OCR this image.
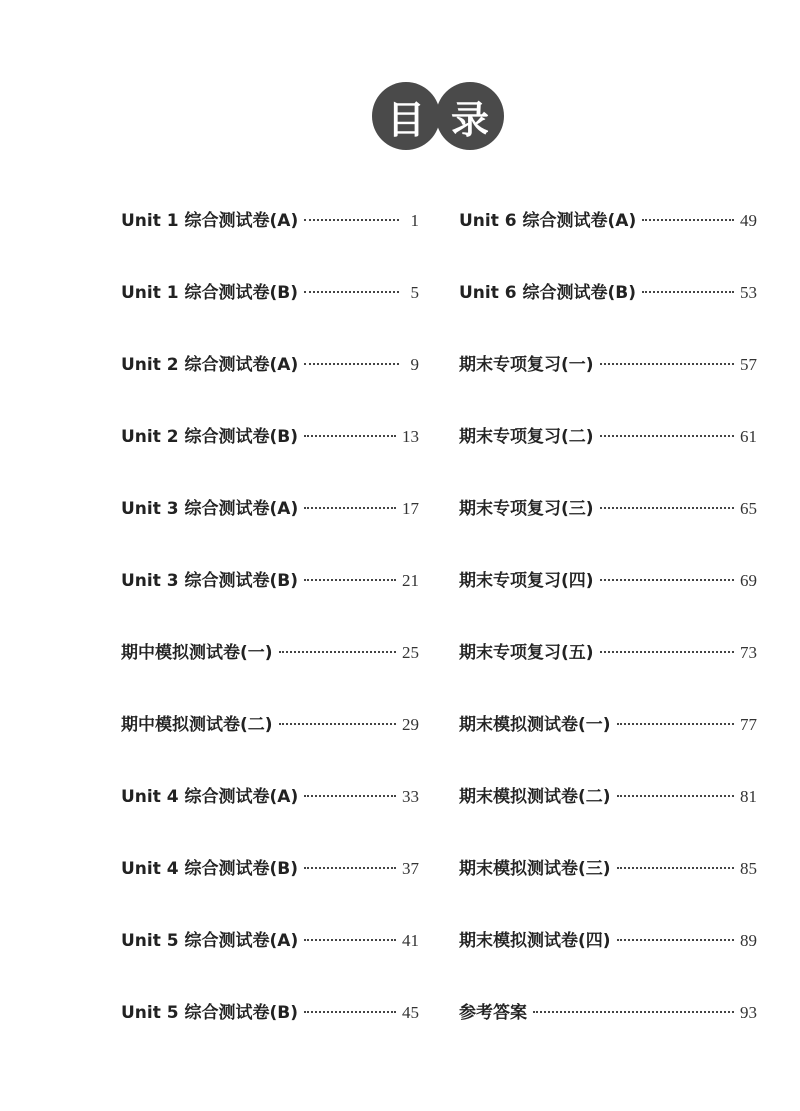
目 录
Unit 1 综合测试卷(A)	1
Unit 1 综合测试卷(B)	5
Unit 2 综合测试卷(A)	9
Unit 2 综合测试卷(B)	13
Unit 3 综合测试卷(A)	17
Unit 3 综合测试卷(B)	21
期中模拟测试卷(一)	25
期中模拟测试卷(二)	29
Unit 4 综合测试卷(A)	33
Unit 4 综合测试卷(B)	37
Unit 5 综合测试卷(A)	41
Unit 5 综合测试卷(B)	45
Unit 6 综合测试卷(A)	49
Unit 6 综合测试卷(B)	53
期末专项复习(一)	57
期末专项复习(二)	61
期末专项复习(三)	65
期末专项复习(四)	69
期末专项复习(五)	73
期末模拟测试卷(一)	77
期末模拟测试卷(二)	81
期末模拟测试卷(三)	85
期末模拟测试卷(四)	89
参考答案	93
